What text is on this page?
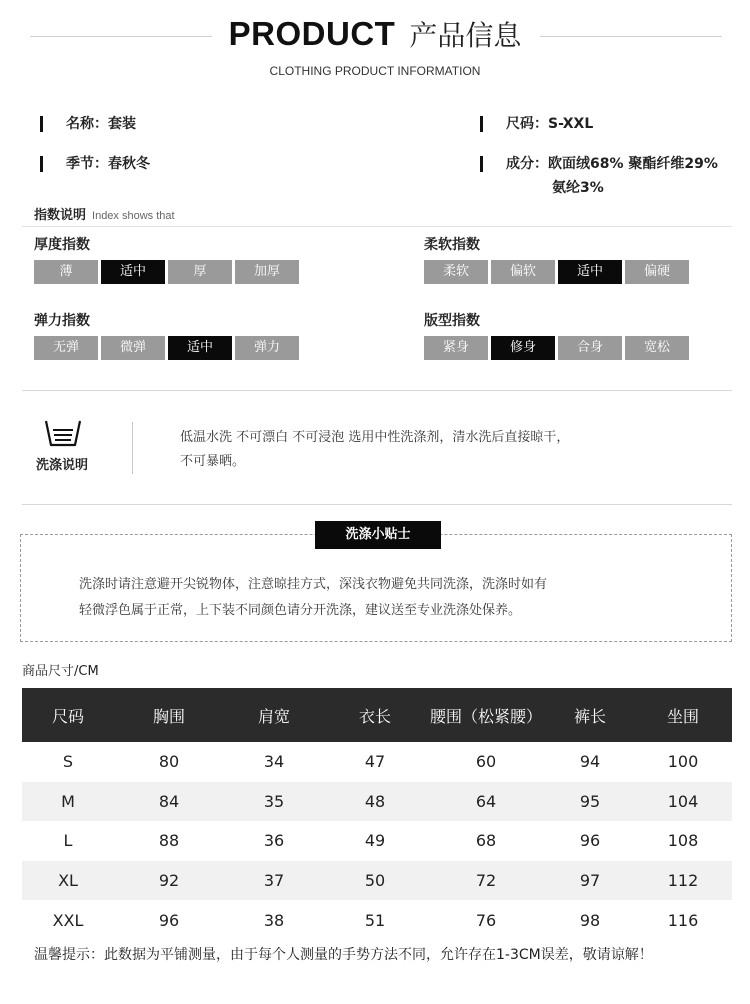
PRODUCT 产品信息
CLOTHING PRODUCT INFORMATION
名称：套装	尺码：S-XXL
季节：春秋冬	成分：欧面绒68% 聚酯纤维29%
氨纶3%
指数说明 Index shows that
厚度指数
薄	适中	厚	加厚
柔软指数
柔软	偏软	适中	偏硬
弹力指数
无弹	微弹	适中	弹力
版型指数
紧身	修身	合身	宽松
洗涤说明
低温水洗 不可漂白 不可浸泡 选用中性洗涤剂，清水洗后直接晾干，
不可暴晒。
洗涤小贴士
洗涤时请注意避开尖锐物体，注意晾挂方式，深浅衣物避免共同洗涤，洗涤时如有
轻微浮色属于正常，上下装不同颜色请分开洗涤，建议送至专业洗涤处保养。
商品尺寸/CM
尺码	胸围	肩宽	衣长	腰围（松紧腰）	裤长	坐围
S	80	34	47	60	94	100
M	84	35	48	64	95	104
L	88	36	49	68	96	108
XL	92	37	50	72	97	112
XXL	96	38	51	76	98	116
温馨提示：此数据为平铺测量，由于每个人测量的手势方法不同，允许存在1-3CM误差，敬请谅解！
